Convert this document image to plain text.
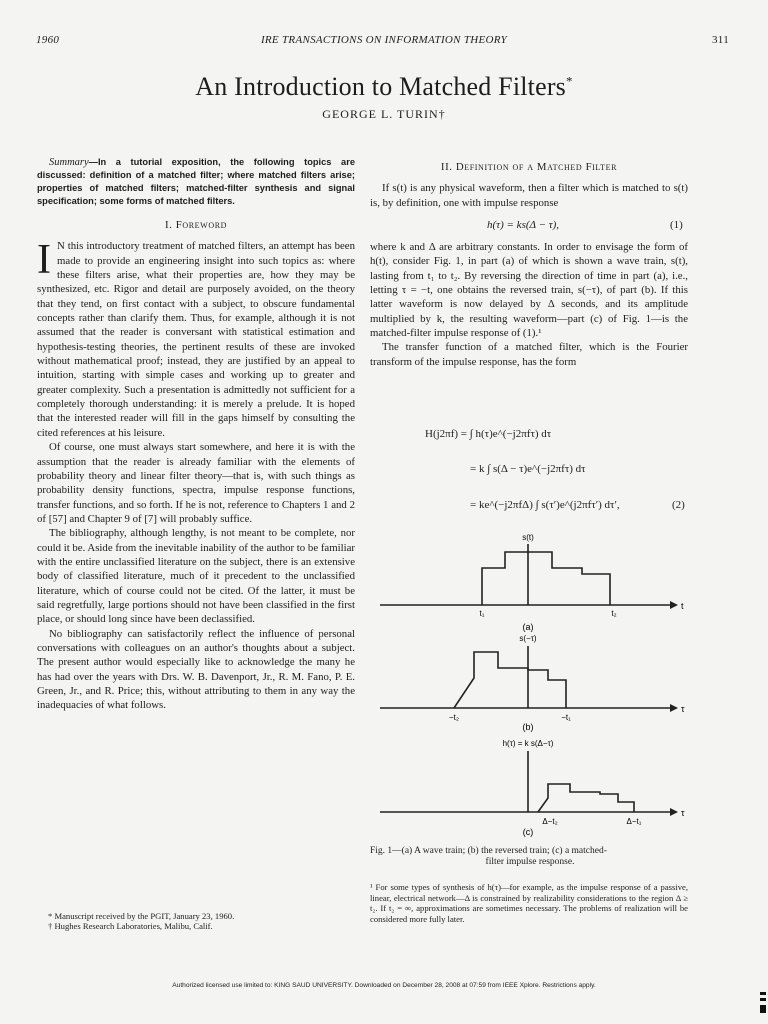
1960	IRE TRANSACTIONS ON INFORMATION THEORY	311
An Introduction to Matched Filters*
GEORGE L. TURIN†

Summary—In a tutorial exposition, the following topics are discussed: definition of a matched filter; where matched filters arise; properties of matched filters; matched-filter synthesis and signal specification; some forms of matched filters.

I. Foreword

I N this introductory treatment of matched filters, an attempt has been made to provide an engineering insight into such topics as: where these filters arise, what their properties are, how they may be synthesized, etc. Rigor and detail are purposely avoided, on the theory that they tend, on first contact with a subject, to obscure fundamental concepts rather than clarify them. Thus, for example, although it is not assumed that the reader is conversant with statistical estimation and hypothesis-testing theories, the pertinent results of these are invoked without mathematical proof; instead, they are justified by an appeal to intuition, starting with simple cases and working up to greater and greater complexity. Such a presentation is admittedly not sufficient for a completely thorough understanding: it is merely a prelude. It is hoped that the interested reader will fill in the gaps himself by consulting the cited references at his leisure.

Of course, one must always start somewhere, and here it is with the assumption that the reader is already familiar with the elements of probability theory and linear filter theory—that is, with such things as probability density functions, spectra, impulse response functions, transfer functions, and so forth. If he is not, reference to Chapters 1 and 2 of [57] and Chapter 9 of [7] will probably suffice.

The bibliography, although lengthy, is not meant to be complete, nor could it be. Aside from the inevitable inability of the author to be familiar with the entire unclassified literature on the subject, there is an extensive body of classified literature, much of it precedent to the unclassified literature, which of course could not be cited. Of the latter, it must be said regretfully, large portions should not have been classified in the first place, or should long since have been declassified.

No bibliography can satisfactorily reflect the influence of personal conversations with colleagues on an author's thoughts about a subject. The present author would especially like to acknowledge the many he has had over the years with Drs. W. B. Davenport, Jr., R. M. Fano, P. E. Green, Jr., and R. Price; this, without attributing to them in any way the inadequacies of what follows.

* Manuscript received by the PGIT, January 23, 1960.
† Hughes Research Laboratories, Malibu, Calif.
II. Definition of a Matched Filter

If s(t) is any physical waveform, then a filter which is matched to s(t) is, by definition, one with impulse response

h(τ) = ks(Δ − τ),	(1)

where k and Δ are arbitrary constants. In order to envisage the form of h(t), consider Fig. 1, in part (a) of which is shown a wave train, s(t), lasting from t₁ to t₂. By reversing the direction of time in part (a), i.e., letting τ = −t, one obtains the reversed train, s(−τ), of part (b). If this latter waveform is now delayed by Δ seconds, and its amplitude multiplied by k, the resulting waveform—part (c) of Fig. 1—is the matched-filter impulse response of (1).¹

The transfer function of a matched filter, which is the Fourier transform of the impulse response, has the form

H(j2πf) = ∫ h(τ)e^(−j2πfτ) dτ
= k ∫ s(Δ − τ)e^(−j2πfτ) dτ
= ke^(−j2πfΔ) ∫ s(τ′)e^(j2πfτ′) dτ′,	(2)
s(t)
t
t₁	t₂
(a)
s(−τ)
τ
−t₂	−t₁
(b)
h(τ) = k s(Δ−τ)
τ
Δ−t₂	Δ−t₁
(c)
Fig. 1—(a) A wave train; (b) the reversed train; (c) a matched-
filter impulse response.
¹ For some types of synthesis of h(τ)—for example, as the impulse response of a passive, linear, electrical network—Δ is constrained by realizability considerations to the region Δ ≥ t₂. If t₂ = ∞, approximations are sometimes necessary. The problems of realization will be considered more fully later.
Authorized licensed use limited to: KING SAUD UNIVERSITY. Downloaded on December 28, 2008 at 07:59 from IEEE Xplore. Restrictions apply.
